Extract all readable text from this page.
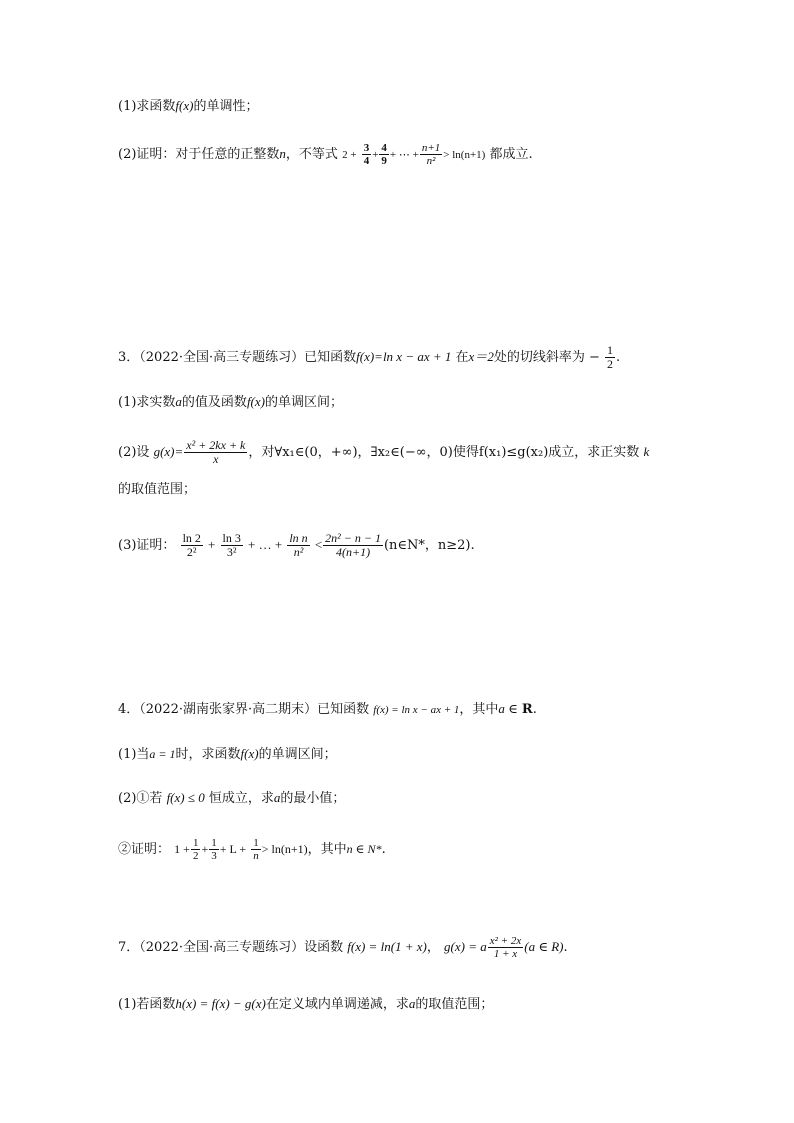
(1)求函数f(x)的单调性；
(2)证明：对于任意的正整数n，不等式 $2 + \frac{3}{4} + \frac{4}{9}$ + ⋯ + $\frac{n+1}{\text{n²}} > \ln(n+1)$ 都成立.
3．（2022·全国·高三专题练习）已知函数f(x)=ln x − ax + 1 在x＝2处的切线斜率为 − $\frac{1}{2}$ .
(1)求实数a的值及函数f(x)的单调区间；
(2)设 $g(x)= \frac{\text{x² + 2kx + k}}{x}$ ，对∀x₁∈(0，+∞)，∃x₂∈(−∞，0)使得f(x₁)≤g(x₂)成立，求正实数 k
的取值范围；
(3)证明： $\frac{\ln 2}{\text{2²}} + \frac{\ln 3}{\text{3²}}$ + … + $\frac{\text{ln n}}{\text{n²}} < \frac{\text{2n² − n − 1}}{4(n+1)}$ (n∈N*，n≥2).
4．（2022·湖南张家界·高二期末）已知函数 f(x) = ln x − ax + 1，其中a ∈ R.
(1)当a = 1时，求函数f(x)的单调区间；
(2)①若 f(x) ≤ 0 恒成立，求a的最小值；
②证明： $1 + \frac{1}{2} + \frac{1}{3} + L + \frac{1}{n} > \ln(n+1)$，其中n ∈ N*.
7．（2022·全国·高三专题练习）设函数 f(x) = ln(1 + x)， g(x) = a $\frac{\text{x² + 2x}}{1 + x} (a$ ∈ R).
(1)若函数h(x) = f(x) − g(x)在定义域内单调递减，求a的取值范围；
